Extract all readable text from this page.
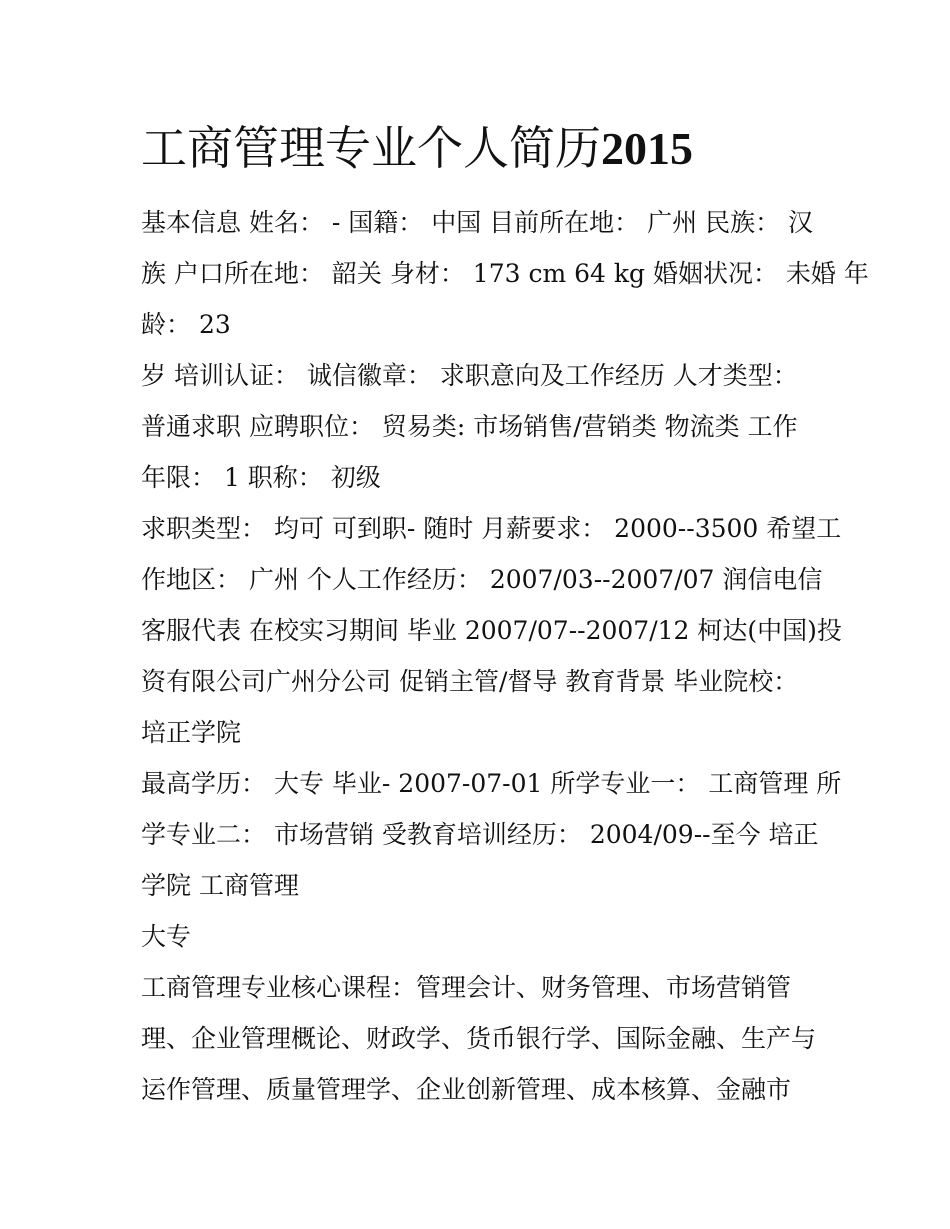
工商管理专业个人简历2015
基本信息 姓名： - 国籍： 中国 目前所在地： 广州 民族： 汉
族 户口所在地： 韶关 身材： 173 cm 64 kg 婚姻状况： 未婚 年
龄： 23
岁 培训认证： 诚信徽章： 求职意向及工作经历 人才类型：
普通求职 应聘职位： 贸易类: 市场销售/营销类 物流类 工作
年限： 1 职称： 初级
求职类型： 均可 可到职- 随时 月薪要求： 2000--3500 希望工
作地区： 广州 个人工作经历： 2007/03--2007/07 润信电信
客服代表 在校实习期间 毕业 2007/07--2007/12 柯达(中国)投
资有限公司广州分公司 促销主管/督导 教育背景 毕业院校：
培正学院
最高学历： 大专 毕业- 2007-07-01 所学专业一： 工商管理 所
学专业二： 市场营销 受教育培训经历： 2004/09--至今 培正
学院 工商管理
大专
工商管理专业核心课程：管理会计、财务管理、市场营销管
理、企业管理概论、财政学、货币银行学、国际金融、生产与
运作管理、质量管理学、企业创新管理、成本核算、金融市
